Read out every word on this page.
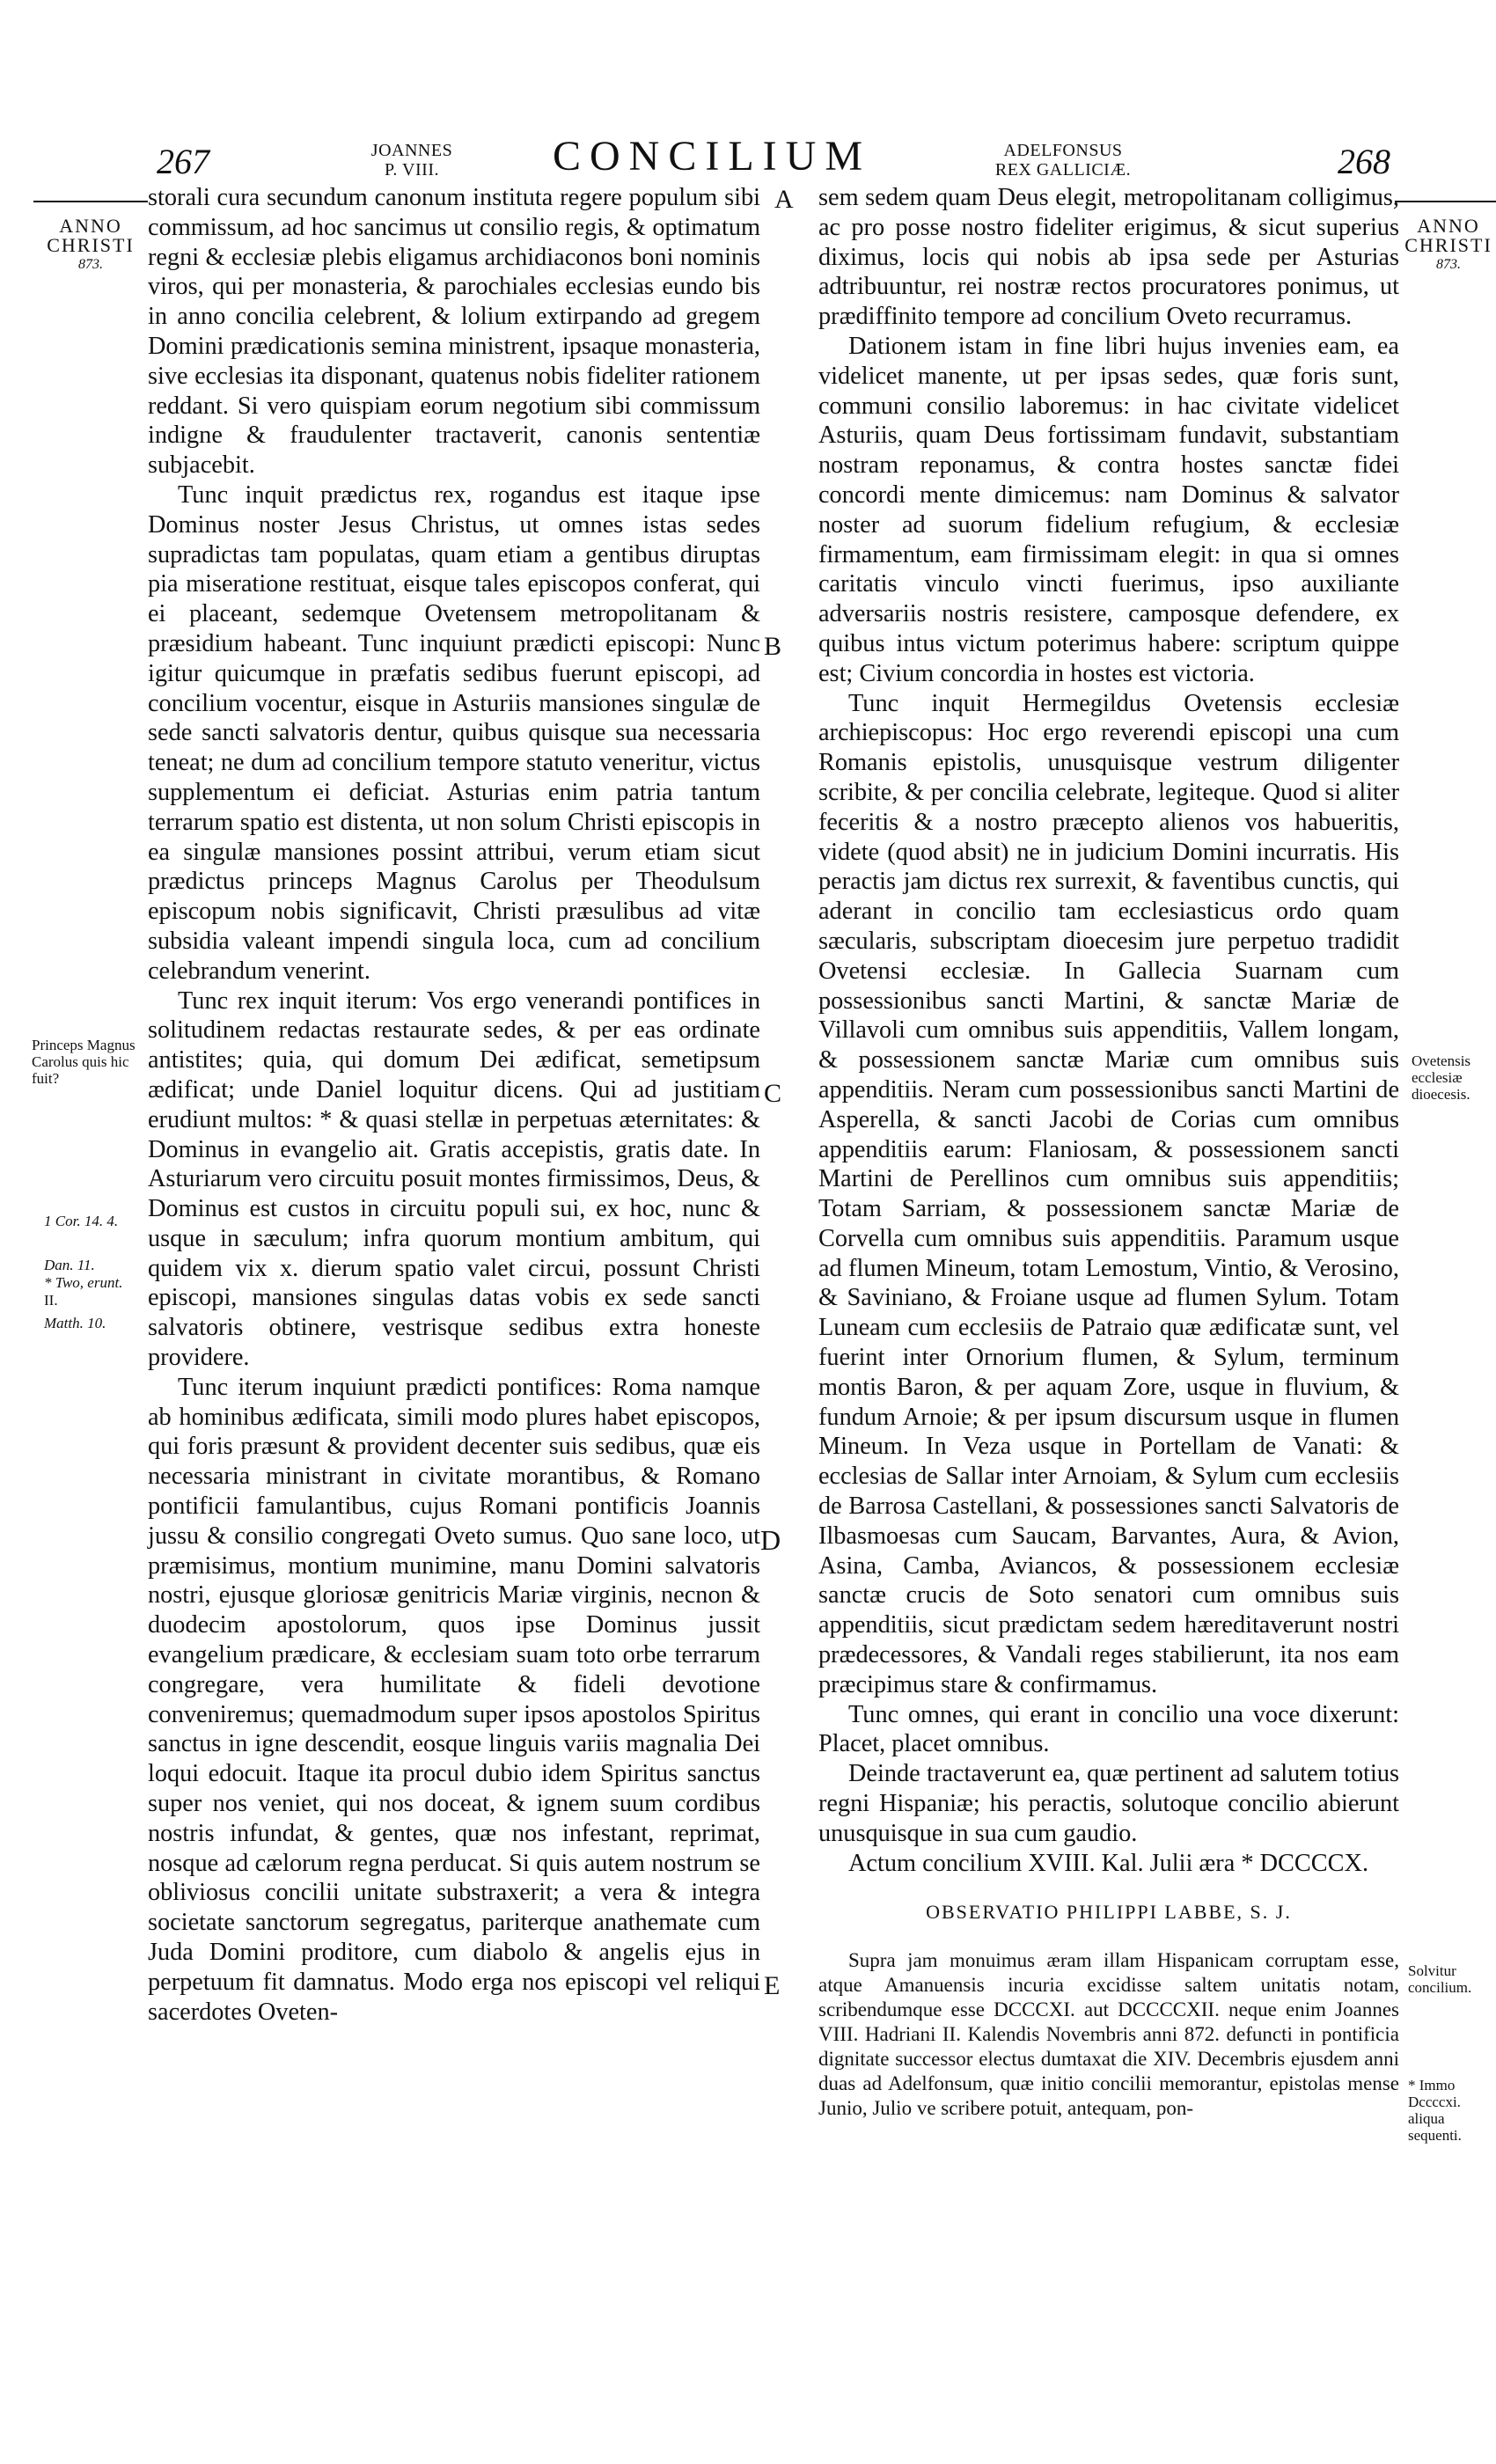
267	JOANNES
P. VIII.	CONCILIUM	ADELFONSUS
REX GALLICIÆ.	268
ANNO
CHRISTI
873.
Princeps Magnus Carolus quis hic fuit?
1 Cor. 14. 4.
Dan. 11.
* Two, erunt.
II.
Matth. 10.
ANNO
CHRISTI
873.
Ovetensis ecclesiæ dioecesis.
Solvitur concilium.
* Immo Dccccxi. aliqua sequenti.
A
B
C
D
E

storali cura secundum canonum instituta regere populum sibi commissum, ad hoc sancimus ut consilio regis, & optimatum regni & ecclesiæ plebis eligamus archidiaconos boni nominis viros, qui per monasteria, & parochiales ecclesias eundo bis in anno concilia celebrent, & lolium extirpando ad gregem Domini prædicationis semina ministrent, ipsaque monasteria, sive ecclesias ita disponant, quatenus nobis fideliter rationem reddant. Si vero quispiam eorum negotium sibi commissum indigne & fraudulenter tractaverit, canonis sententiæ subjacebit.

Tunc inquit prædictus rex, rogandus est itaque ipse Dominus noster Jesus Christus, ut omnes istas sedes supradictas tam populatas, quam etiam a gentibus diruptas pia miseratione restituat, eisque tales episcopos conferat, qui ei placeant, sedemque Ovetensem metropolitanam & præsidium habeant. Tunc inquiunt prædicti episcopi: Nunc igitur quicumque in præfatis sedibus fuerunt episcopi, ad concilium vocentur, eisque in Asturiis mansiones singulæ de sede sancti salvatoris dentur, quibus quisque sua necessaria teneat; ne dum ad concilium tempore statuto veneritur, victus supplementum ei deficiat. Asturias enim patria tantum terrarum spatio est distenta, ut non solum Christi episcopis in ea singulæ mansiones possint attribui, verum etiam sicut prædictus princeps Magnus Carolus per Theodulsum episcopum nobis significavit, Christi præsulibus ad vitæ subsidia valeant impendi singula loca, cum ad concilium celebrandum venerint.

Tunc rex inquit iterum: Vos ergo venerandi pontifices in solitudinem redactas restaurate sedes, & per eas ordinate antistites; quia, qui domum Dei ædificat, semetipsum ædificat; unde Daniel loquitur dicens. Qui ad justitiam erudiunt multos: * & quasi stellæ in perpetuas æternitates: & Dominus in evangelio ait. Gratis accepistis, gratis date. In Asturiarum vero circuitu posuit montes firmissimos, Deus, & Dominus est custos in circuitu populi sui, ex hoc, nunc & usque in sæculum; infra quorum montium ambitum, qui quidem vix x. dierum spatio valet circui, possunt Christi episcopi, mansiones singulas datas vobis ex sede sancti salvatoris obtinere, vestrisque sedibus extra honeste providere.

Tunc iterum inquiunt prædicti pontifices: Roma namque ab hominibus ædificata, simili modo plures habet episcopos, qui foris præsunt & provident decenter suis sedibus, quæ eis necessaria ministrant in civitate morantibus, & Romano pontificii famulantibus, cujus Romani pontificis Joannis jussu & consilio congregati Oveto sumus. Quo sane loco, ut præmisimus, montium munimine, manu Domini salvatoris nostri, ejusque gloriosæ genitricis Mariæ virginis, necnon & duodecim apostolorum, quos ipse Dominus jussit evangelium prædicare, & ecclesiam suam toto orbe terrarum congregare, vera humilitate & fideli devotione conveniremus; quemadmodum super ipsos apostolos Spiritus sanctus in igne descendit, eosque linguis variis magnalia Dei loqui edocuit. Itaque ita procul dubio idem Spiritus sanctus super nos veniet, qui nos doceat, & ignem suum cordibus nostris infundat, & gentes, quæ nos infestant, reprimat, nosque ad cælorum regna perducat. Si quis autem nostrum se obliviosus concilii unitate substraxerit; a vera & integra societate sanctorum segregatus, pariterque anathemate cum Juda Domini proditore, cum diabolo & angelis ejus in perpetuum fit damnatus. Modo erga nos episcopi vel reliqui sacerdotes Oveten-

sem sedem quam Deus elegit, metropolitanam colligimus, ac pro posse nostro fideliter erigimus, & sicut superius diximus, locis qui nobis ab ipsa sede per Asturias adtribuuntur, rei nostræ rectos procuratores ponimus, ut prædiffinito tempore ad concilium Oveto recurramus.

Dationem istam in fine libri hujus invenies eam, ea videlicet manente, ut per ipsas sedes, quæ foris sunt, communi consilio laboremus: in hac civitate videlicet Asturiis, quam Deus fortissimam fundavit, substantiam nostram reponamus, & contra hostes sanctæ fidei concordi mente dimicemus: nam Dominus & salvator noster ad suorum fidelium refugium, & ecclesiæ firmamentum, eam firmissimam elegit: in qua si omnes caritatis vinculo vincti fuerimus, ipso auxiliante adversariis nostris resistere, camposque defendere, ex quibus intus victum poterimus habere: scriptum quippe est; Civium concordia in hostes est victoria.

Tunc inquit Hermegildus Ovetensis ecclesiæ archiepiscopus: Hoc ergo reverendi episcopi una cum Romanis epistolis, unusquisque vestrum diligenter scribite, & per concilia celebrate, legiteque. Quod si aliter feceritis & a nostro præcepto alienos vos habueritis, videte (quod absit) ne in judicium Domini incurratis. His peractis jam dictus rex surrexit, & faventibus cunctis, qui aderant in concilio tam ecclesiasticus ordo quam sæcularis, subscriptam dioecesim jure perpetuo tradidit Ovetensi ecclesiæ. In Gallecia Suarnam cum possessionibus sancti Martini, & sanctæ Mariæ de Villavoli cum omnibus suis appenditiis, Vallem longam, & possessionem sanctæ Mariæ cum omnibus suis appenditiis. Neram cum possessionibus sancti Martini de Asperella, & sancti Jacobi de Corias cum omnibus appenditiis earum: Flaniosam, & possessionem sancti Martini de Perellinos cum omnibus suis appenditiis; Totam Sarriam, & possessionem sanctæ Mariæ de Corvella cum omnibus suis appenditiis. Paramum usque ad flumen Mineum, totam Lemostum, Vintio, & Verosino, & Saviniano, & Froiane usque ad flumen Sylum. Totam Luneam cum ecclesiis de Patraio quæ ædificatæ sunt, vel fuerint inter Ornorium flumen, & Sylum, terminum montis Baron, & per aquam Zore, usque in fluvium, & fundum Arnoie; & per ipsum discursum usque in flumen Mineum. In Veza usque in Portellam de Vanati: & ecclesias de Sallar inter Arnoiam, & Sylum cum ecclesiis de Barrosa Castellani, & possessiones sancti Salvatoris de Ilbasmoesas cum Saucam, Barvantes, Aura, & Avion, Asina, Camba, Aviancos, & possessionem ecclesiæ sanctæ crucis de Soto senatori cum omnibus suis appenditiis, sicut prædictam sedem hæreditaverunt nostri prædecessores, & Vandali reges stabilierunt, ita nos eam præcipimus stare & confirmamus.

Tunc omnes, qui erant in concilio una voce dixerunt: Placet, placet omnibus.

Deinde tractaverunt ea, quæ pertinent ad salutem totius regni Hispaniæ; his peractis, solutoque concilio abierunt unusquisque in sua cum gaudio.

Actum concilium XVIII. Kal. Julii æra * DCCCCX.

OBSERVATIO PHILIPPI LABBE, S. J.

Supra jam monuimus æram illam Hispanicam corruptam esse, atque Amanuensis incuria excidisse saltem unitatis notam, scribendumque esse DCCCXI. aut DCCCCXII. neque enim Joannes VIII. Hadriani II. Kalendis Novembris anni 872. defuncti in pontificia dignitate successor electus dumtaxat die XIV. Decembris ejusdem anni duas ad Adelfonsum, quæ initio concilii memorantur, epistolas mense Junio, Julio ve scribere potuit, antequam, pon-
